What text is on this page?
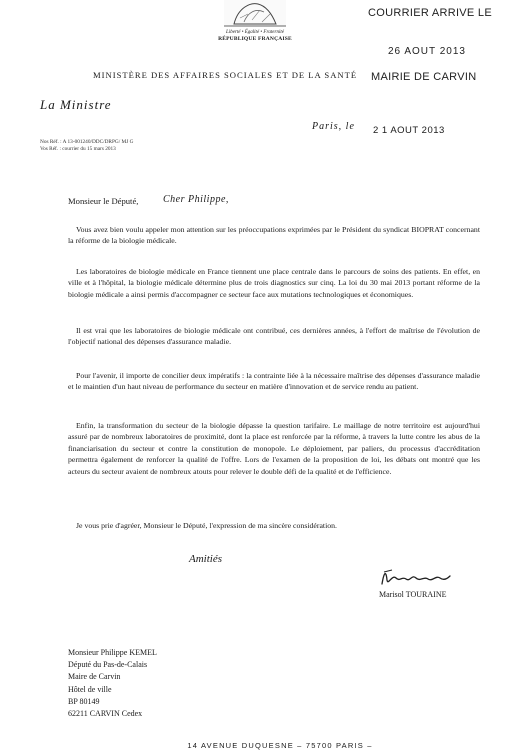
Liberté • Égalité • Fraternité
RÉPUBLIQUE FRANÇAISE
COURRIER ARRIVE LE
26 AOUT 2013
MAIRIE DE CARVIN
MINISTÈRE DES AFFAIRES SOCIALES ET DE LA SANTÉ
La Ministre
Paris, le 2 1 AOUT 2013
Nos Réf. : A 13-001240/DDC/DRPG/ MJ G
Vos Réf. : courrier du 15 mars 2013
Monsieur le Député, Cher Philippe,
Vous avez bien voulu appeler mon attention sur les préoccupations exprimées par le Président du syndicat BIOPRAT concernant la réforme de la biologie médicale.
Les laboratoires de biologie médicale en France tiennent une place centrale dans le parcours de soins des patients. En effet, en ville et à l'hôpital, la biologie médicale détermine plus de trois diagnostics sur cinq. La loi du 30 mai 2013 portant réforme de la biologie médicale a ainsi permis d'accompagner ce secteur face aux mutations technologiques et économiques.
Il est vrai que les laboratoires de biologie médicale ont contribué, ces dernières années, à l'effort de maîtrise de l'évolution de l'objectif national des dépenses d'assurance maladie.
Pour l'avenir, il importe de concilier deux impératifs : la contrainte liée à la nécessaire maîtrise des dépenses d'assurance maladie et le maintien d'un haut niveau de performance du secteur en matière d'innovation et de service rendu au patient.
Enfin, la transformation du secteur de la biologie dépasse la question tarifaire. Le maillage de notre territoire est aujourd'hui assuré par de nombreux laboratoires de proximité, dont la place est renforcée par la réforme, à travers la lutte contre les abus de la financiarisation du secteur et contre la constitution de monopole. Le déploiement, par paliers, du processus d'accréditation permettra également de renforcer la qualité de l'offre. Lors de l'examen de la proposition de loi, les débats ont montré que les acteurs du secteur avaient de nombreux atouts pour relever le double défi de la qualité et de l'efficience.
Je vous prie d'agréer, Monsieur le Député, l'expression de ma sincère considération.
Amitiés
Marisol TOURAINE
Monsieur Philippe KEMEL
Député du Pas-de-Calais
Maire de Carvin
Hôtel de ville
BP 80149
62211 CARVIN Cedex
14 AVENUE DUQUESNE – 75700 PARIS –
